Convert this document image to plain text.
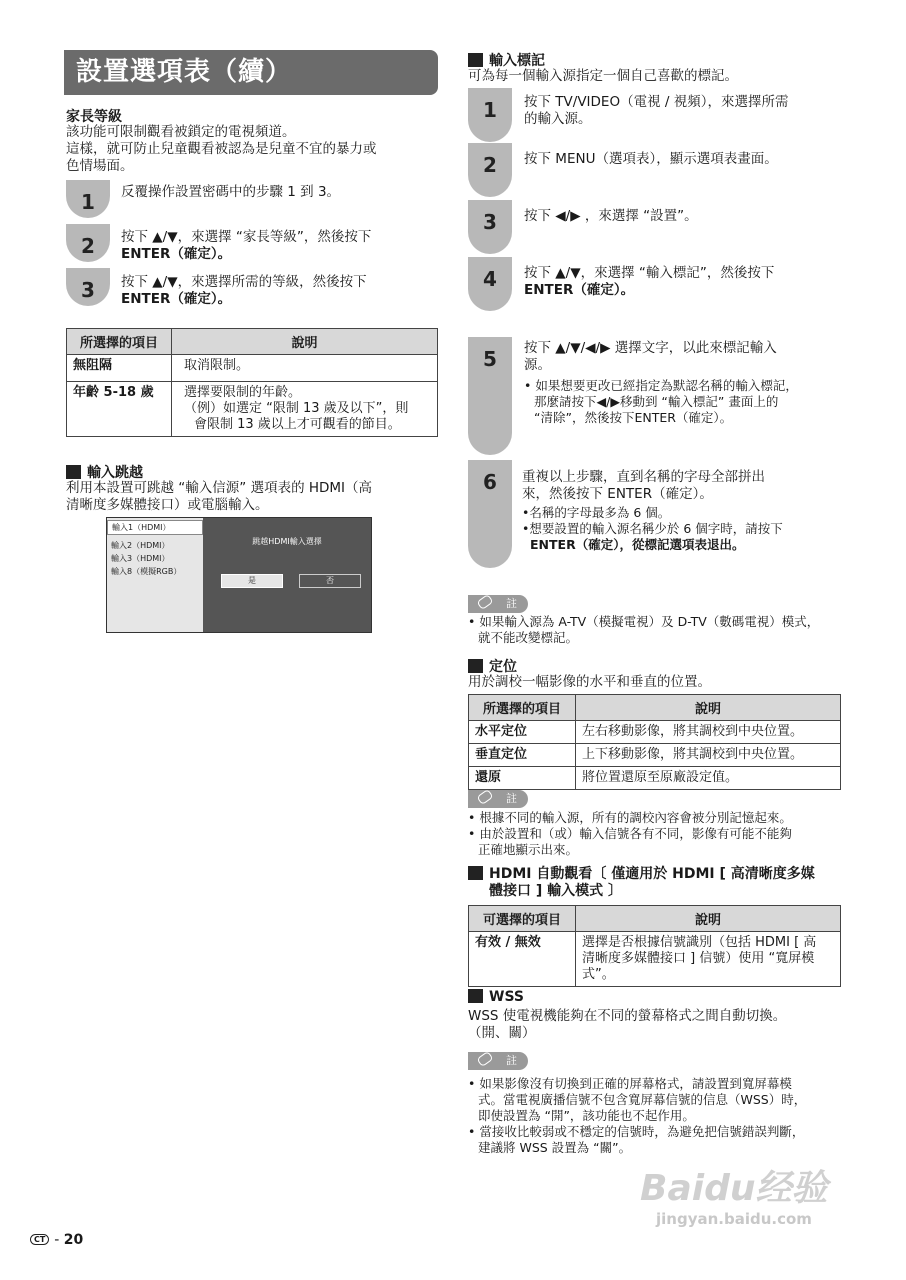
設置選項表（續）
家長等級
該功能可限制觀看被鎖定的電視頻道。
這樣，就可防止兒童觀看被認為是兒童不宜的暴力或
色情場面。
1	反覆操作設置密碼中的步驟 1 到 3。
2	按下 ▲/▼，來選擇 “家長等級”，然後按下
ENTER（確定）。
3	按下 ▲/▼，來選擇所需的等級，然後按下
ENTER（確定）。
所選擇的項目	說明
無阻隔	取消限制。
年齡 5-18 歲	選擇要限制的年齡。
（例）如選定 “限制 13 歲及以下”，則
會限制 13 歲以上才可觀看的節目。
輸入跳越
利用本設置可跳越 “輸入信源” 選項表的 HDMI（高
清晰度多媒體接口）或電腦輸入。
輸入1（HDMI）
輸入2（HDMI）
輸入3（HDMI）
輸入8（模擬RGB）
跳越HDMI輸入選擇
是	否
CT - 20
輸入標記
可為每一個輸入源指定一個自己喜歡的標記。
1	按下 TV/VIDEO（電視 / 視頻），來選擇所需
的輸入源。
2	按下 MENU（選項表），顯示選項表畫面。
3	按下 ◀/▶ ，來選擇 “設置”。
4	按下 ▲/▼，來選擇 “輸入標記”，然後按下
ENTER（確定）。
5	按下 ▲/▼/◀/▶ 選擇文字，以此來標記輸入
源。
• 如果想要更改已經指定為默認名稱的輸入標記，
那麼請按下◀/▶移動到 “輸入標記” 畫面上的
“清除”，然後按下ENTER（確定）。
6	重複以上步驟，直到名稱的字母全部拼出
來，然後按下 ENTER（確定）。
•名稱的字母最多為 6 個。
•想要設置的輸入源名稱少於 6 個字時，請按下
ENTER（確定），從標記選項表退出。
註
• 如果輸入源為 A-TV（模擬電視）及 D-TV（數碼電視）模式，
就不能改變標記。
定位
用於調校一幅影像的水平和垂直的位置。
所選擇的項目	說明
水平定位	左右移動影像，將其調校到中央位置。
垂直定位	上下移動影像，將其調校到中央位置。
還原	將位置還原至原廠設定值。
註
• 根據不同的輸入源，所有的調校內容會被分別記憶起來。
• 由於設置和（或）輸入信號各有不同，影像有可能不能夠
正確地顯示出來。
HDMI 自動觀看〔 僅適用於 HDMI [ 高清晰度多媒
體接口 ] 輸入模式 〕
可選擇的項目	說明
有效 / 無效	選擇是否根據信號識別（包括 HDMI [ 高
清晰度多媒體接口 ] 信號）使用 “寬屏模
式”。
WSS
WSS 使電視機能夠在不同的螢幕格式之間自動切換。
（開、關）
註
• 如果影像沒有切換到正確的屏幕格式，請設置到寬屏幕模
式。當電視廣播信號不包含寬屏幕信號的信息（WSS）時，
即使設置為 “開”，該功能也不起作用。
• 當接收比較弱或不穩定的信號時，為避免把信號錯誤判斷，
建議將 WSS 設置為 “關”。
Baidu经验
jingyan.baidu.com
